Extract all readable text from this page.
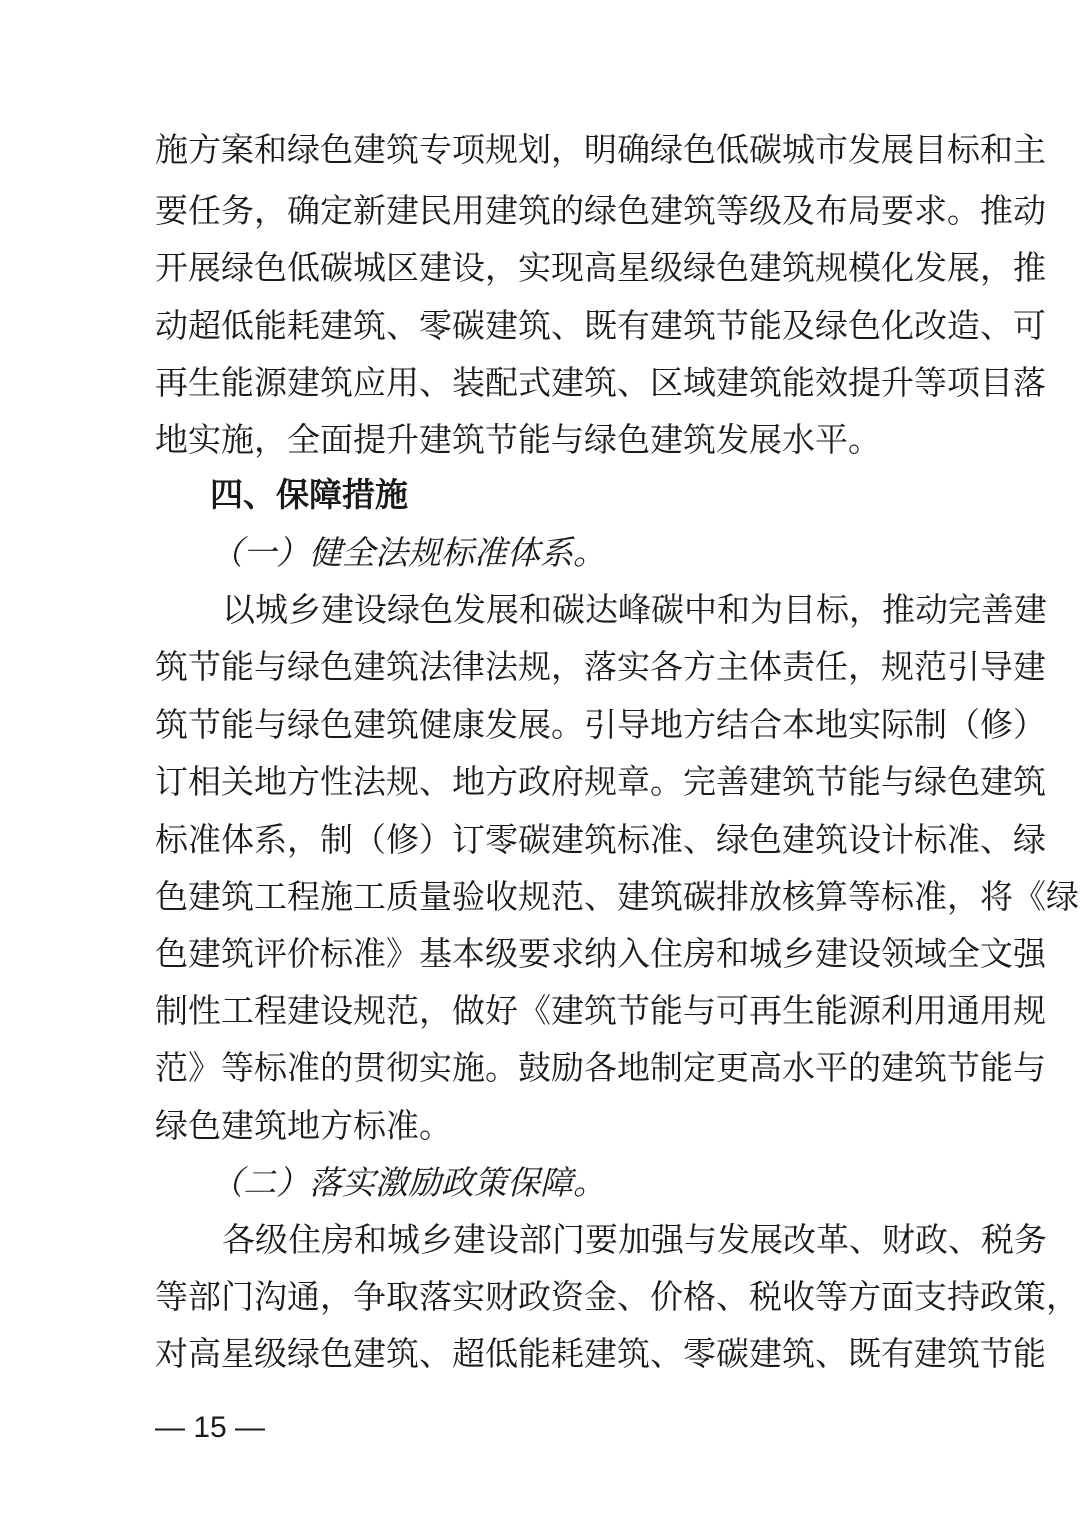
施方案和绿色建筑专项规划，明确绿色低碳城市发展目标和主
要任务，确定新建民用建筑的绿色建筑等级及布局要求。推动
开展绿色低碳城区建设，实现高星级绿色建筑规模化发展，推
动超低能耗建筑、零碳建筑、既有建筑节能及绿色化改造、可
再生能源建筑应用、装配式建筑、区域建筑能效提升等项目落
地实施，全面提升建筑节能与绿色建筑发展水平。
四、保障措施
（一）健全法规标准体系。
以城乡建设绿色发展和碳达峰碳中和为目标，推动完善建
筑节能与绿色建筑法律法规，落实各方主体责任，规范引导建
筑节能与绿色建筑健康发展。引导地方结合本地实际制（修）
订相关地方性法规、地方政府规章。完善建筑节能与绿色建筑
标准体系，制（修）订零碳建筑标准、绿色建筑设计标准、绿
色建筑工程施工质量验收规范、建筑碳排放核算等标准，将《绿
色建筑评价标准》基本级要求纳入住房和城乡建设领域全文强
制性工程建设规范，做好《建筑节能与可再生能源利用通用规
范》等标准的贯彻实施。鼓励各地制定更高水平的建筑节能与
绿色建筑地方标准。
（二）落实激励政策保障。
各级住房和城乡建设部门要加强与发展改革、财政、税务
等部门沟通，争取落实财政资金、价格、税收等方面支持政策，
对高星级绿色建筑、超低能耗建筑、零碳建筑、既有建筑节能
— 15 —
